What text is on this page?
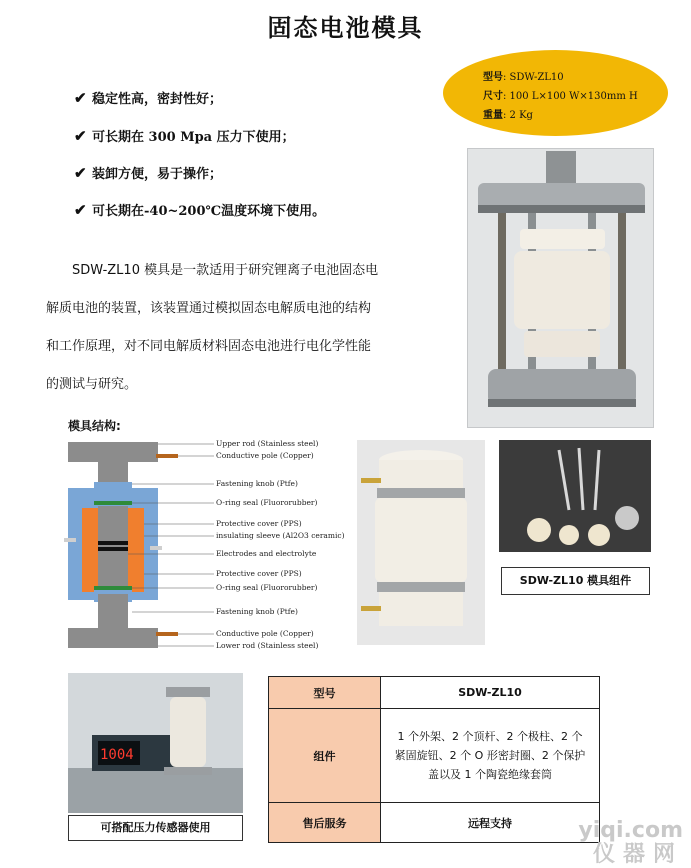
固态电池模具
型号: SDW-ZL10
尺寸: 100 L×100 W×130mm H
重量: 2 Kg
✔ 稳定性高，密封性好；
✔ 可长期在 300 Mpa 压力下使用；
✔ 装卸方便，易于操作；
✔ 可长期在-40~200℃温度环境下使用。

SDW-ZL10 模具是一款适用于研究锂离子电池固态电解质电池的装置，该装置通过模拟固态电解质电池的结构和工作原理，对不同电解质材料固态电池进行电化学性能的测试与研究。

模具结构:
Upper rod (Stainless steel)
Conductive pole (Copper)
Fastening knob (Ptfe)
O-ring seal (Fluororubber)
Protective cover (PPS)
insulating sleeve (Al2O3 ceramic)
Electrodes and electrolyte
Protective cover (PPS)
O-ring seal (Fluororubber)
Fastening knob (Ptfe)
Conductive pole (Copper)
Lower rod (Stainless steel)
SDW-ZL10 模具组件
1004
可搭配压力传感器使用
型号	SDW-ZL10
组件	1 个外架、2 个顶杆、2 个极柱、2 个
紧固旋钮、2 个 O 形密封圈、2 个保护
盖以及 1 个陶瓷绝缘套筒

售后服务	远程支持	yiqi.com
仪器网
